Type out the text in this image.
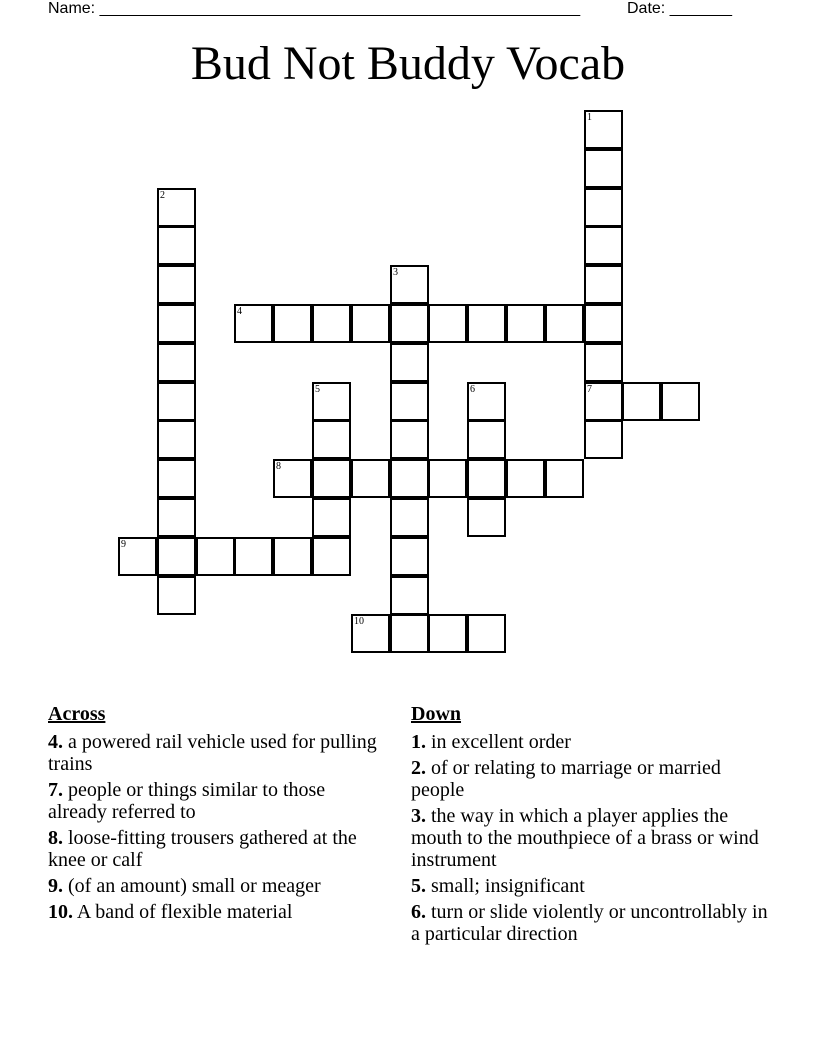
Name: ______________________________________________________	Date: _______
Bud Not Buddy Vocab
1
7
2
3
4
5	6
8
9
10
Across
4. a powered rail vehicle used for pulling trains
7. people or things similar to those already referred to
8. loose-fitting trousers gathered at the knee or calf
9. (of an amount) small or meager
10. A band of flexible material
Down
1. in excellent order
2. of or relating to marriage or married people
3. the way in which a player applies the mouth to the mouthpiece of a brass or wind instrument
5. small; insignificant
6. turn or slide violently or uncontrollably in a particular direction
